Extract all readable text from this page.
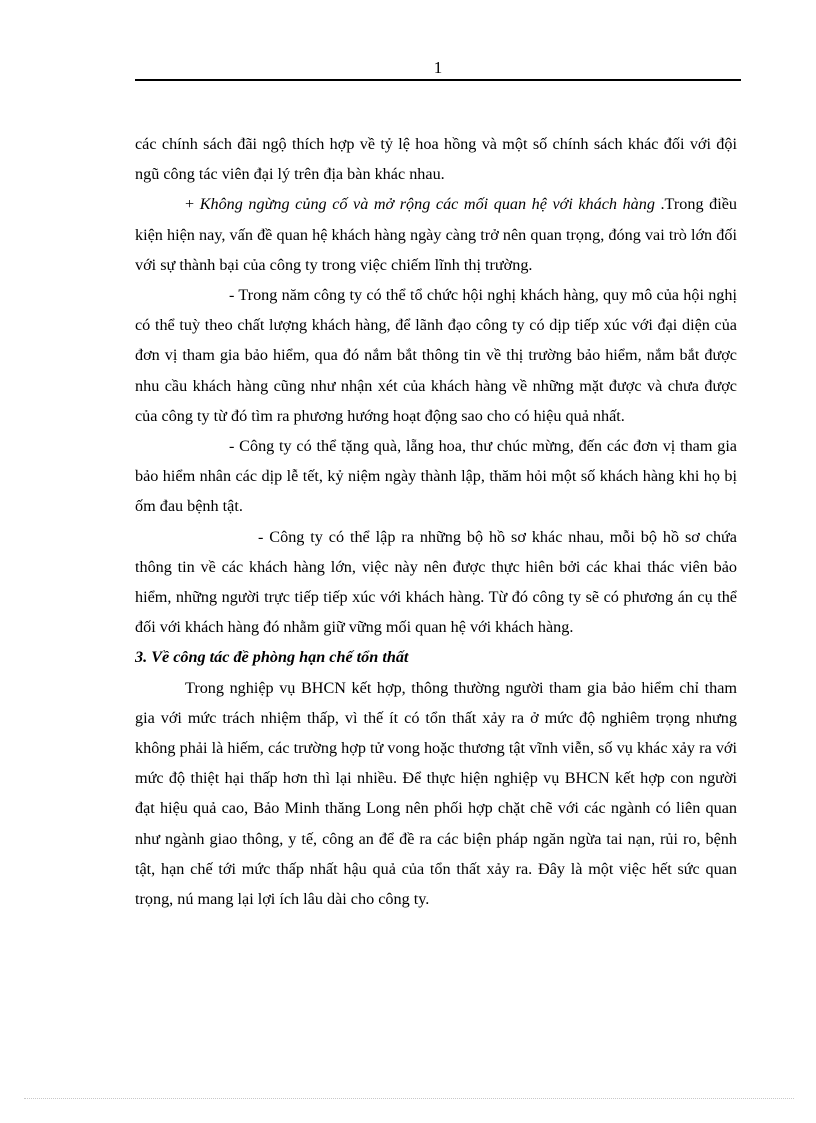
1

các chính sách đãi ngộ thích hợp về tỷ lệ hoa hồng và một số chính sách khác đối với đội ngũ công tác viên đại lý trên địa bàn khác nhau.

+ Không ngừng củng cố và mở rộng các mối quan hệ với khách hàng .Trong điều kiện hiện nay, vấn đề quan hệ khách hàng ngày càng trở nên quan trọng, đóng vai trò lớn đối với sự thành bại của công ty trong việc chiếm lĩnh thị trường.

- Trong năm công ty có thể tổ chức hội nghị khách hàng, quy mô của hội nghị có thể tuỳ theo chất lượng khách hàng, để lãnh đạo công ty có dịp tiếp xúc với đại diện của đơn vị tham gia bảo hiểm, qua đó nắm bắt thông tin về thị trường bảo hiểm, nắm bắt được nhu cầu khách hàng cũng như nhận xét của khách hàng về những mặt được và chưa được của công ty từ đó tìm ra phương hướng hoạt động sao cho có hiệu quả nhất.

- Công ty có thể tặng quà, lẵng hoa, thư chúc mừng, đến các đơn vị tham gia bảo hiểm nhân các dịp lễ tết, kỷ niệm ngày thành lập, thăm hỏi một số khách hàng khi họ bị ốm đau bệnh tật.

- Công ty có thể lập ra những bộ hồ sơ khác nhau, mỗi bộ hồ sơ chứa thông tin về các khách hàng lớn, việc này nên được thực hiên bởi các khai thác viên bảo hiểm, những người trực tiếp tiếp xúc với khách hàng. Từ đó công ty sẽ có phương án cụ thể đối với khách hàng đó nhằm giữ vững mối quan hệ với khách hàng.

3. Về công tác đề phòng hạn chế tổn thất

Trong nghiệp vụ BHCN kết hợp, thông thường người tham gia bảo hiểm chỉ tham gia với mức trách nhiệm thấp, vì thế ít có tổn thất xảy ra ở mức độ nghiêm trọng nhưng không phải là hiếm, các trường hợp tử vong hoặc thương tật vĩnh viễn, số vụ khác xảy ra với mức độ thiệt hại thấp hơn thì lại nhiều. Để thực hiện nghiệp vụ BHCN kết hợp con người đạt hiệu quả cao, Bảo Minh thăng Long nên phối hợp chặt chẽ với các ngành có liên quan như ngành giao thông, y tế, công an để đề ra các biện pháp ngăn ngừa tai nạn, rủi ro, bệnh tật, hạn chế tới mức thấp nhất hậu quả của tổn thất xảy ra. Đây là một việc hết sức quan trọng, nú mang lại lợi ích lâu dài cho công ty.
